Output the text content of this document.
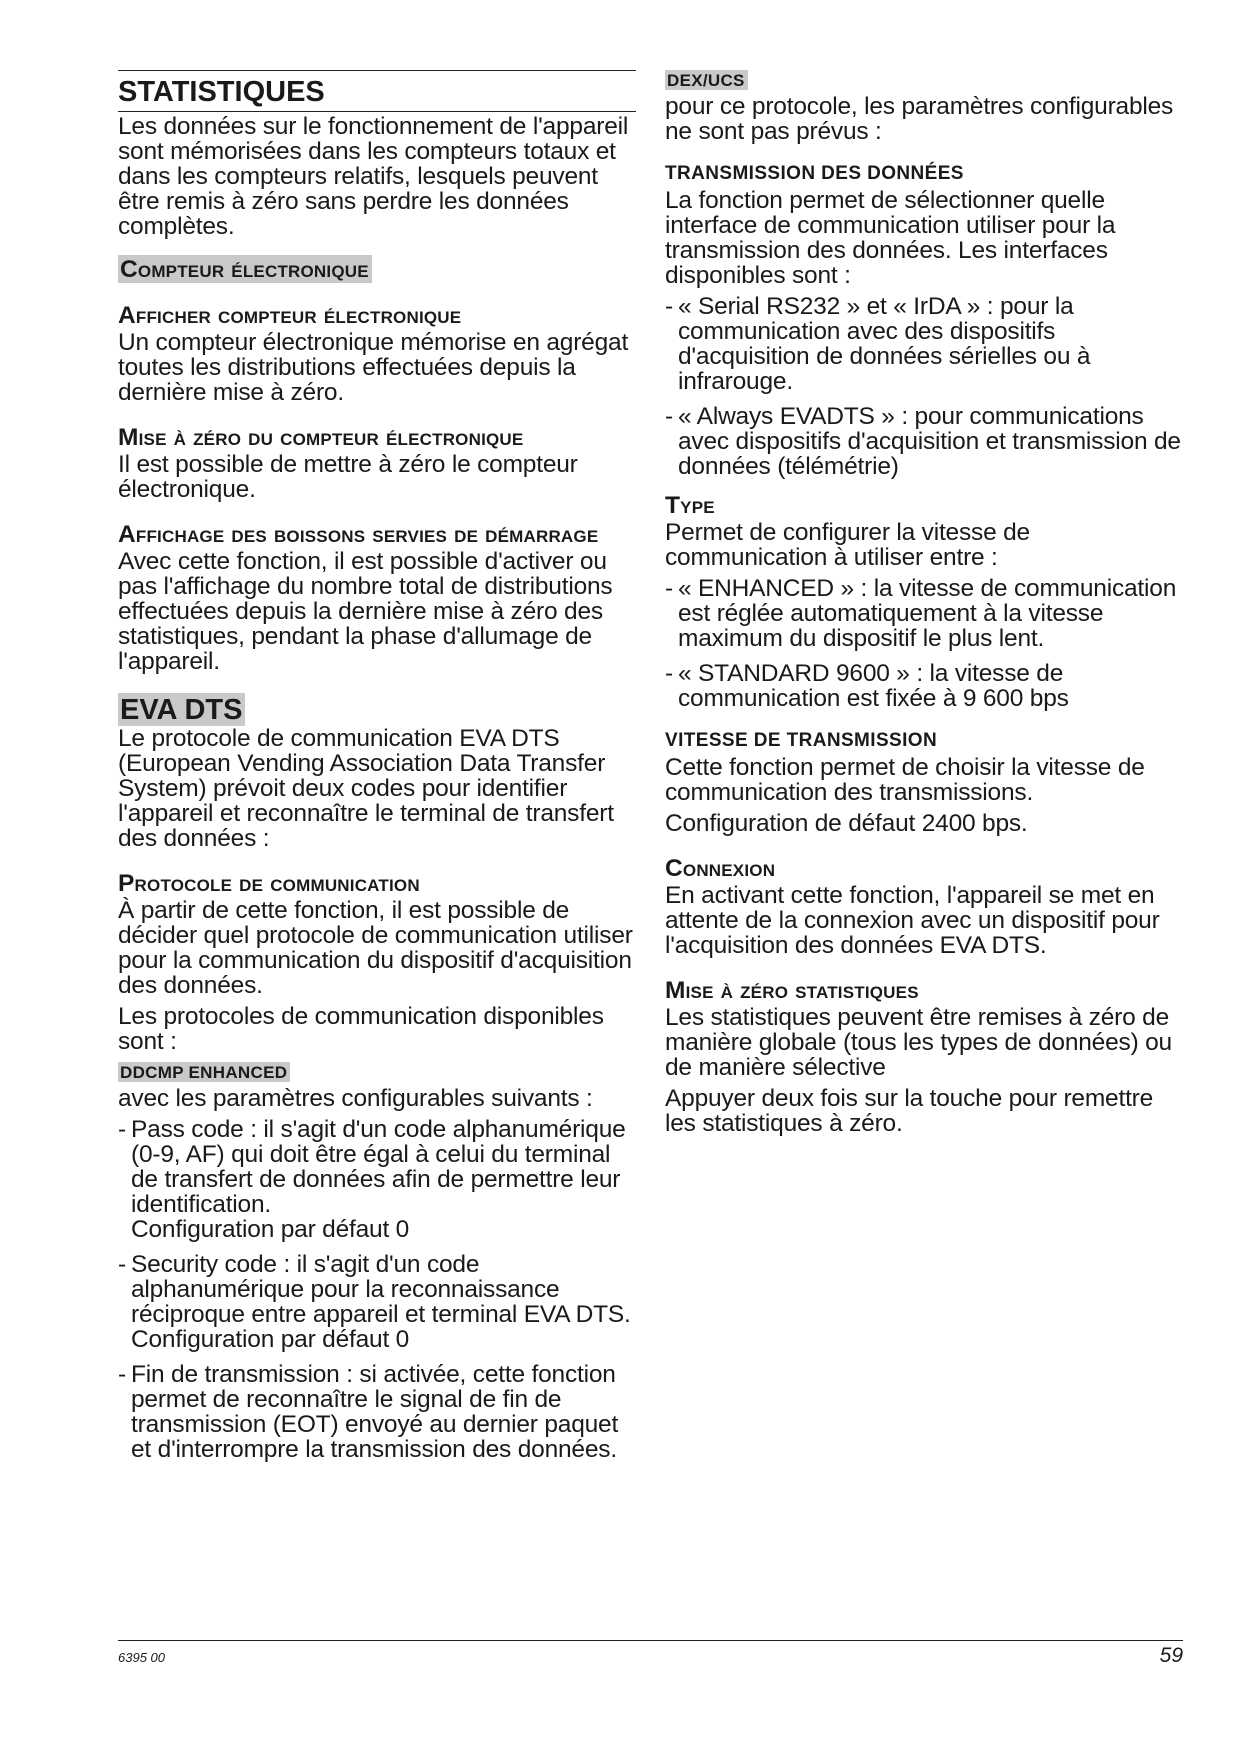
STATISTIQUES

Les données sur le fonctionnement de l'appareil sont mémorisées dans les compteurs totaux et dans les compteurs relatifs, lesquels peuvent être remis à zéro sans perdre les données complètes.

Compteur électronique
Afficher compteur électronique

Un compteur électronique mémorise en agrégat toutes les distributions effectuées depuis la dernière mise à zéro.

Mise à zéro du compteur électronique

Il est possible de mettre à zéro le compteur électronique.

Affichage des boissons servies de démarrage

Avec cette fonction, il est possible d'activer ou pas l'affichage du nombre total de distributions effectuées depuis la dernière mise à zéro des statistiques, pendant la phase d'allumage de l'appareil.

EVA DTS

Le protocole de communication EVA DTS (European Vending Association Data Transfer System) prévoit deux codes pour identifier l'appareil et reconnaître le terminal de transfert des données :

Protocole de communication

À partir de cette fonction, il est possible de décider quel protocole de communication utiliser pour la communication du dispositif d'acquisition des données.

Les protocoles de communication disponibles sont :

DDCMP ENHANCED

avec les paramètres configurables suivants :

- Pass code : il s'agit d'un code alphanumérique (0-9, AF) qui doit être égal à celui du terminal de transfert de données afin de permettre leur identification.
Configuration par défaut 0
- Security code : il s'agit d'un code alphanumérique pour la reconnaissance réciproque entre appareil et terminal EVA DTS.
Configuration par défaut 0
- Fin de transmission : si activée, cette fonction permet de reconnaître le signal de fin de transmission (EOT) envoyé au dernier paquet et d'interrompre la transmission des données.
DEX/UCS

pour ce protocole, les paramètres configurables ne sont pas prévus :

TRANSMISSION DES DONNÉES

La fonction permet de sélectionner quelle interface de communication utiliser pour la transmission des données. Les interfaces disponibles sont :

- « Serial RS232 » et « IrDA » : pour la communication avec des dispositifs d'acquisition de données sérielles ou à infrarouge.
- « Always EVADTS » : pour communications avec dispositifs d'acquisition et transmission de données (télémétrie)
Type

Permet de configurer la vitesse de communication à utiliser entre :

- « ENHANCED » : la vitesse de communication est réglée automatiquement à la vitesse maximum du dispositif le plus lent.
- « STANDARD 9600 » : la vitesse de communication est fixée à 9 600 bps
VITESSE DE TRANSMISSION

Cette fonction permet de choisir la vitesse de communication des transmissions.

Configuration de défaut 2400 bps.

Connexion

En activant cette fonction, l'appareil se met en attente de la connexion avec un dispositif pour l'acquisition des données EVA DTS.

Mise à zéro statistiques

Les statistiques peuvent être remises à zéro de manière globale (tous les types de données) ou de manière sélective

Appuyer deux fois sur la touche pour remettre les statistiques à zéro.

6395 00	59
